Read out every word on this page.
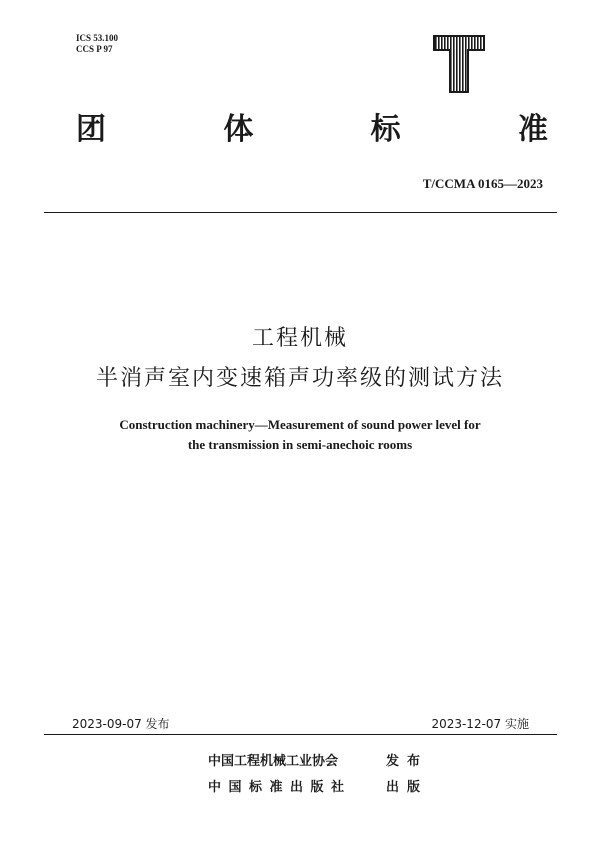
ICS 53.100
CCS P 97
团	体	标	准
T/CCMA 0165—2023
工程机械
半消声室内变速箱声功率级的测试方法
Construction machinery—Measurement of sound power level for
the transmission in semi-anechoic rooms
2023-09-07 发布	2023-12-07 实施
中国工程机械工业协会	发布
中国标准出版社	出版
